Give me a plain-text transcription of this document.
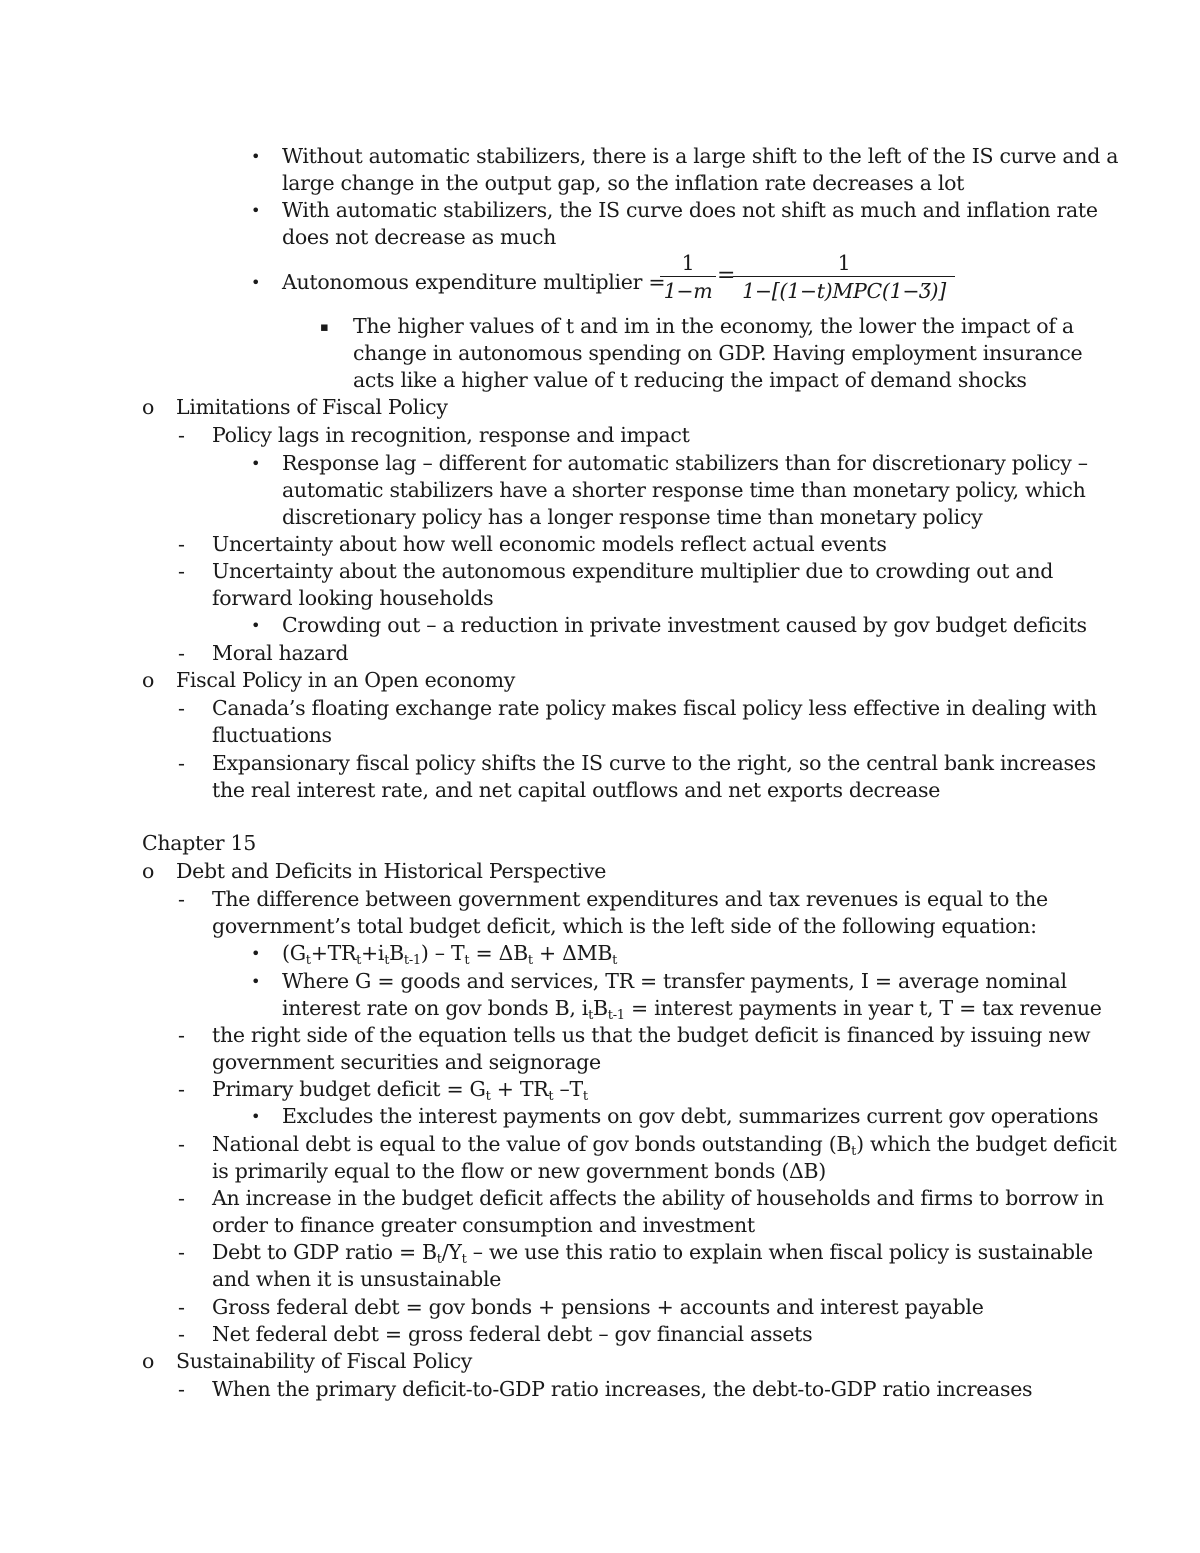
• Without automatic stabilizers, there is a large shift to the left of the IS curve and a
large change in the output gap, so the inflation rate decreases a lot
• With automatic stabilizers, the IS curve does not shift as much and inflation rate
does not decrease as much
• Autonomous expenditure multiplier =
1
1−m
=	1
1−[(1−t)MPC(1−Ʒ)]
▪ The higher values of t and im in the economy, the lower the impact of a
change in autonomous spending on GDP. Having employment insurance
acts like a higher value of t reducing the impact of demand shocks
o Limitations of Fiscal Policy
- Policy lags in recognition, response and impact
• Response lag – different for automatic stabilizers than for discretionary policy –
automatic stabilizers have a shorter response time than monetary policy, which
discretionary policy has a longer response time than monetary policy
- Uncertainty about how well economic models reflect actual events
- Uncertainty about the autonomous expenditure multiplier due to crowding out and
forward looking households
• Crowding out – a reduction in private investment caused by gov budget deficits
- Moral hazard
o Fiscal Policy in an Open economy
- Canada’s floating exchange rate policy makes fiscal policy less effective in dealing with
fluctuations
- Expansionary fiscal policy shifts the IS curve to the right, so the central bank increases
the real interest rate, and net capital outflows and net exports decrease
Chapter 15
o Debt and Deficits in Historical Perspective
- The difference between government expenditures and tax revenues is equal to the
government’s total budget deficit, which is the left side of the following equation:
• $(G_t+TR_t+i_tB_{t-1}) - T_t = \Delta B_t + \Delta MB_t$
• Where G = goods and services, TR = transfer payments, I = average nominal
interest rate on gov bonds B, $i_tB_{t-1}$ = interest payments in year t, T = tax revenue
- the right side of the equation tells us that the budget deficit is financed by issuing new
government securities and seignorage
- Primary budget deficit = $G_t + TR_t$ $-T_t$
• Excludes the interest payments on gov debt, summarizes current gov operations
- National debt is equal to the value of gov bonds outstanding $(B_t)$ which the budget deficit
is primarily equal to the flow or new government bonds (ΔB)
- An increase in the budget deficit affects the ability of households and firms to borrow in
order to finance greater consumption and investment
- Debt to GDP ratio = $B_t/Y_t$ – we use this ratio to explain when fiscal policy is sustainable
and when it is unsustainable
- Gross federal debt = gov bonds + pensions + accounts and interest payable
- Net federal debt = gross federal debt – gov financial assets
o Sustainability of Fiscal Policy
- When the primary deficit-to-GDP ratio increases, the debt-to-GDP ratio increases
